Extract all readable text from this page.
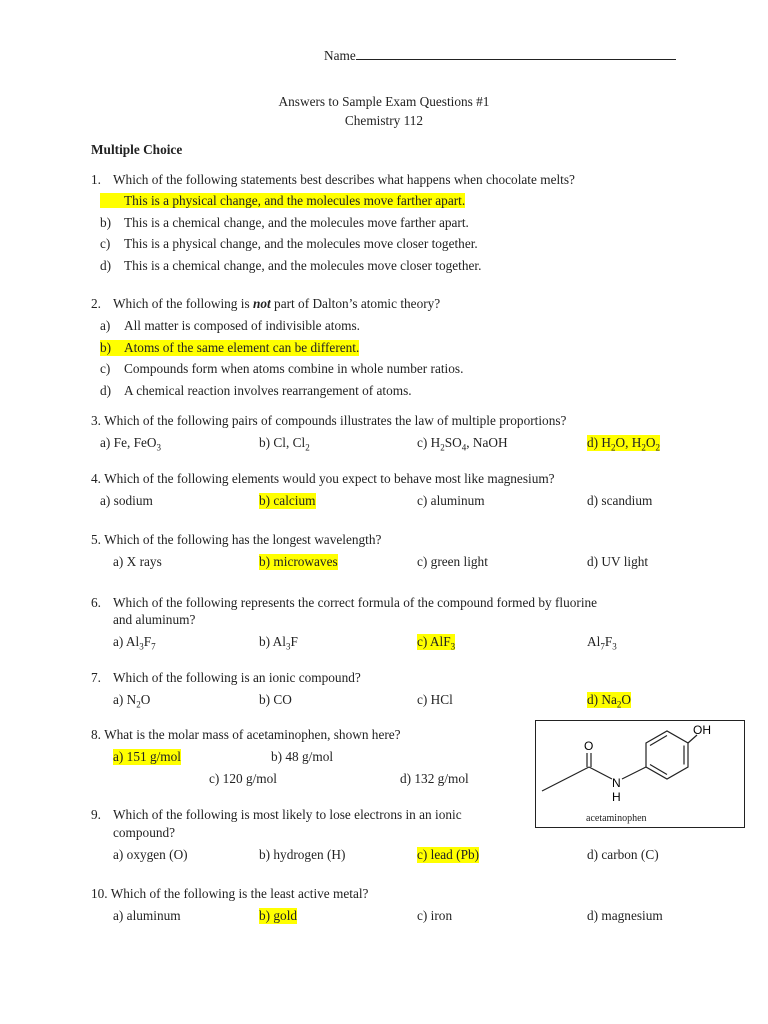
Name
Answers to Sample Exam Questions #1
Chemistry 112
Multiple Choice
1. Which of the following statements best describes what happens when chocolate melts?
This is a physical change, and the molecules move farther apart.
b) This is a chemical change, and the molecules move farther apart.
c) This is a physical change, and the molecules move closer together.
d) This is a chemical change, and the molecules move closer together.
2. Which of the following is not part of Dalton’s atomic theory?
a) All matter is composed of indivisible atoms.
b) Atoms of the same element can be different.
c) Compounds form when atoms combine in whole number ratios.
d) A chemical reaction involves rearrangement of atoms.
3. Which of the following pairs of compounds illustrates the law of multiple proportions?
a) Fe, FeO$_3$	b) Cl, $Cl_2$	c) $H_2SO_4$, NaOH	d) $H_2O$, $H_2O_2$
4. Which of the following elements would you expect to behave most like magnesium?
a) sodium	b) calcium	c) aluminum	d) scandium
5. Which of the following has the longest wavelength?
a) X rays	b) microwaves	c) green light	d) UV light
6. Which of the following represents the correct formula of the compound formed by fluorine
and aluminum?
a) $Al_3F_7$	b) $Al_3F$	c) AlF$_3$	$Al_7F_3$
7. Which of the following is an ionic compound?
a) $N_2O$	b) CO	c) HCl	d) $Na_2O$
8. What is the molar mass of acetaminophen, shown here?
a) 151 g/mol	b) 48 g/mol
c) 120 g/mol	d) 132 g/mol
OH
O
N
H
acetaminophen
9. Which of the following is most likely to lose electrons in an ionic
compound?
a) oxygen (O)	b) hydrogen (H)	c) lead (Pb)	d) carbon (C)
10. Which of the following is the least active metal?
a) aluminum	b) gold	c) iron	d) magnesium
